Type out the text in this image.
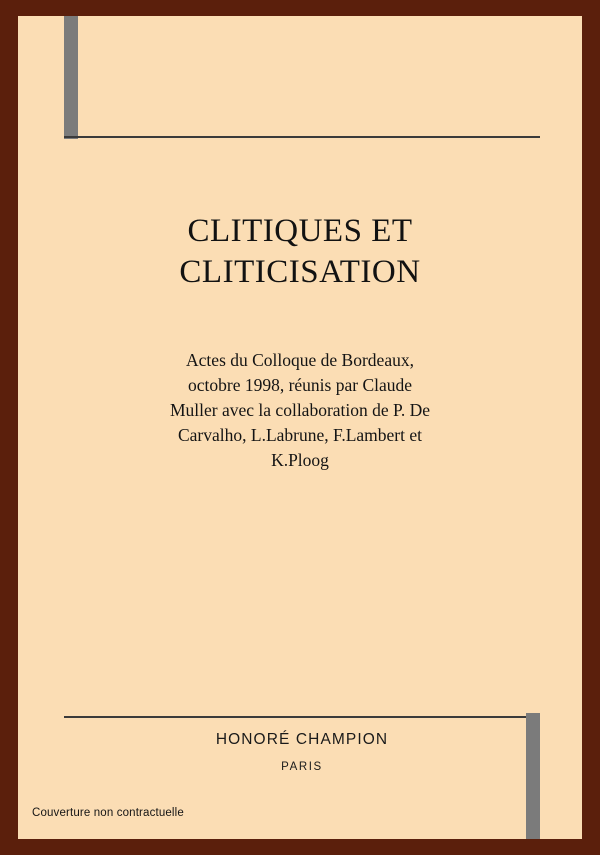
CLITIQUES ET
CLITICISATION
Actes du Colloque de Bordeaux,
octobre 1998, réunis par Claude
Muller avec la collaboration de P. De
Carvalho, L.Labrune, F.Lambert et
K.Ploog
HONORÉ CHAMPION
PARIS
Couverture non contractuelle
